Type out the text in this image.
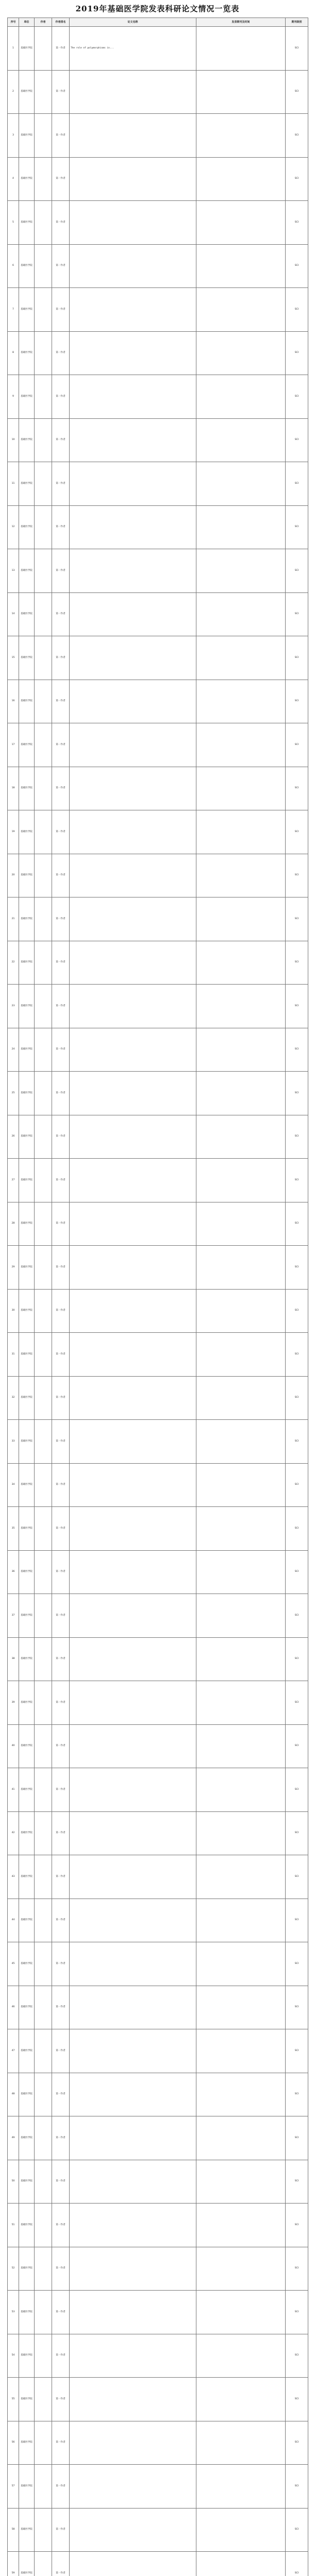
2019年基础医学院发表科研论文情况一览表
序号	单位	作者	作者排名	论文名称	发表期刊及时间	期刊级别
1	基础医学院		第一作者	The role of polymorphisms in...		SCI
2	基础医学院		第一作者			SCI
3	基础医学院		第一作者			SCI
4	基础医学院		第一作者			SCI
5	基础医学院		第一作者			SCI
6	基础医学院		第一作者			SCI
7	基础医学院		第一作者			SCI
8	基础医学院		第一作者			SCI
9	基础医学院		第一作者			SCI
10	基础医学院		第一作者			SCI
11	基础医学院		第一作者			SCI
12	基础医学院		第一作者			SCI
13	基础医学院		第一作者			SCI
14	基础医学院		第一作者			SCI
15	基础医学院		第一作者			SCI
16	基础医学院		第一作者			SCI
17	基础医学院		第一作者			SCI
18	基础医学院		第一作者			SCI
19	基础医学院		第一作者			SCI
20	基础医学院		第一作者			SCI
21	基础医学院		第一作者			SCI
22	基础医学院		第一作者			SCI
23	基础医学院		第一作者			SCI
24	基础医学院		第一作者			SCI
25	基础医学院		第一作者			SCI
26	基础医学院		第一作者			SCI
27	基础医学院		第一作者			SCI
28	基础医学院		第一作者			SCI
29	基础医学院		第一作者			SCI
30	基础医学院		第一作者			SCI
31	基础医学院		第一作者			SCI
32	基础医学院		第一作者			SCI
33	基础医学院		第一作者			SCI
34	基础医学院		第一作者			SCI
35	基础医学院		第一作者			SCI
36	基础医学院		第一作者			SCI
37	基础医学院		第一作者			SCI
38	基础医学院		第一作者			SCI
39	基础医学院		第一作者			SCI
40	基础医学院		第一作者			SCI
41	基础医学院		第一作者			SCI
42	基础医学院		第一作者			SCI
43	基础医学院		第一作者			SCI
44	基础医学院		第一作者			SCI
45	基础医学院		第一作者			SCI
46	基础医学院		第一作者			SCI
47	基础医学院		第一作者			SCI
48	基础医学院		第一作者			SCI
49	基础医学院		第一作者			SCI
50	基础医学院		第一作者			SCI
51	基础医学院		第一作者			SCI
52	基础医学院		第一作者			SCI
53	基础医学院		第一作者			SCI
54	基础医学院		第一作者			SCI
55	基础医学院		第一作者			SCI
56	基础医学院		第一作者			SCI
57	基础医学院		第一作者			SCI
58	基础医学院		第一作者			SCI
59	基础医学院		第一作者			SCI
